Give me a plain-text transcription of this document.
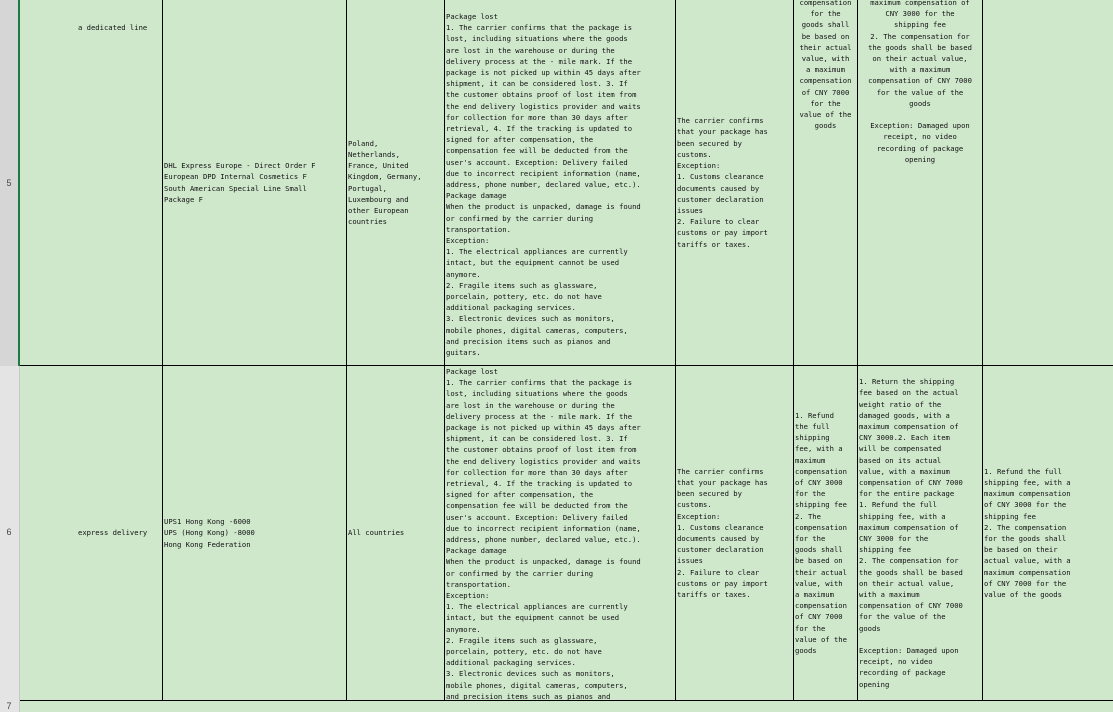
5
6
7

a dedicated line

DHL Express Europe - Direct Order F
European DPD Internal Cosmetics F
South American Special Line Small
Package F
Poland,
Netherlands,
France, United
Kingdom, Germany,
Portugal,
Luxembourg and
other European
countries

Package lost
1. The carrier confirms that the package is
lost, including situations where the goods
are lost in the warehouse or during the
delivery process at the - mile mark. If the
package is not picked up within 45 days after
shipment, it can be considered lost. 3. If
the customer obtains proof of lost item from
the end delivery logistics provider and waits
for collection for more than 30 days after
retrieval, 4. If the tracking is updated to
signed for after compensation, the
compensation fee will be deducted from the
user's account. Exception: Delivery failed
due to incorrect recipient information (name,
address, phone number, declared value, etc.).
Package damage
When the product is unpacked, damage is found
or confirmed by the carrier during
transportation.
Exception:
1. The electrical appliances are currently
intact, but the equipment cannot be used
anymore.
2. Fragile items such as glassware,
porcelain, pottery, etc. do not have
additional packaging services.
3. Electronic devices such as monitors,
mobile phones, digital cameras, computers,
and precision items such as pianos and
guitars.

The carrier confirms
that your package has
been secured by
customs.
Exception:
1. Customs clearance
documents caused by
customer declaration
issues
2. Failure to clear
customs or pay import
tariffs or taxes.

compensation
for the
goods shall
be based on
their actual
value, with
a maximum
compensation
of CNY 7000
for the
value of the
goods

maximum compensation of
CNY 3000 for the
shipping fee
2. The compensation for
the goods shall be based
on their actual value,
with a maximum
compensation of CNY 7000
for the value of the
goods

Exception: Damaged upon
receipt, no video
recording of package
opening

express delivery
UPS1 Hong Kong -6000
UPS (Hong Kong) -8000
Hong Kong Federation
All countries

Package lost
1. The carrier confirms that the package is
lost, including situations where the goods
are lost in the warehouse or during the
delivery process at the - mile mark. If the
package is not picked up within 45 days after
shipment, it can be considered lost. 3. If
the customer obtains proof of lost item from
the end delivery logistics provider and waits
for collection for more than 30 days after
retrieval, 4. If the tracking is updated to
signed for after compensation, the
compensation fee will be deducted from the
user's account. Exception: Delivery failed
due to incorrect recipient information (name,
address, phone number, declared value, etc.).
Package damage
When the product is unpacked, damage is found
or confirmed by the carrier during
transportation.
Exception:
1. The electrical appliances are currently
intact, but the equipment cannot be used
anymore.
2. Fragile items such as glassware,
porcelain, pottery, etc. do not have
additional packaging services.
3. Electronic devices such as monitors,
mobile phones, digital cameras, computers,
and precision items such as pianos and

The carrier confirms
that your package has
been secured by
customs.
Exception:
1. Customs clearance
documents caused by
customer declaration
issues
2. Failure to clear
customs or pay import
tariffs or taxes.
1. Refund
the full
shipping
fee, with a
maximum
compensation
of CNY 3000
for the
shipping fee
2. The
compensation
for the
goods shall
be based on
their actual
value, with
a maximum
compensation
of CNY 7000
for the
value of the
goods
1. Return the shipping
fee based on the actual
weight ratio of the
damaged goods, with a
maximum compensation of
CNY 3000.2. Each item
will be compensated
based on its actual
value, with a maximum
compensation of CNY 7000
for the entire package
1. Refund the full
shipping fee, with a
maximum compensation of
CNY 3000 for the
shipping fee
2. The compensation for
the goods shall be based
on their actual value,
with a maximum
compensation of CNY 7000
for the value of the
goods

Exception: Damaged upon
receipt, no video
recording of package
opening
1. Refund the full
shipping fee, with a
maximum compensation
of CNY 3000 for the
shipping fee
2. The compensation
for the goods shall
be based on their
actual value, with a
maximum compensation
of CNY 7000 for the
value of the goods
